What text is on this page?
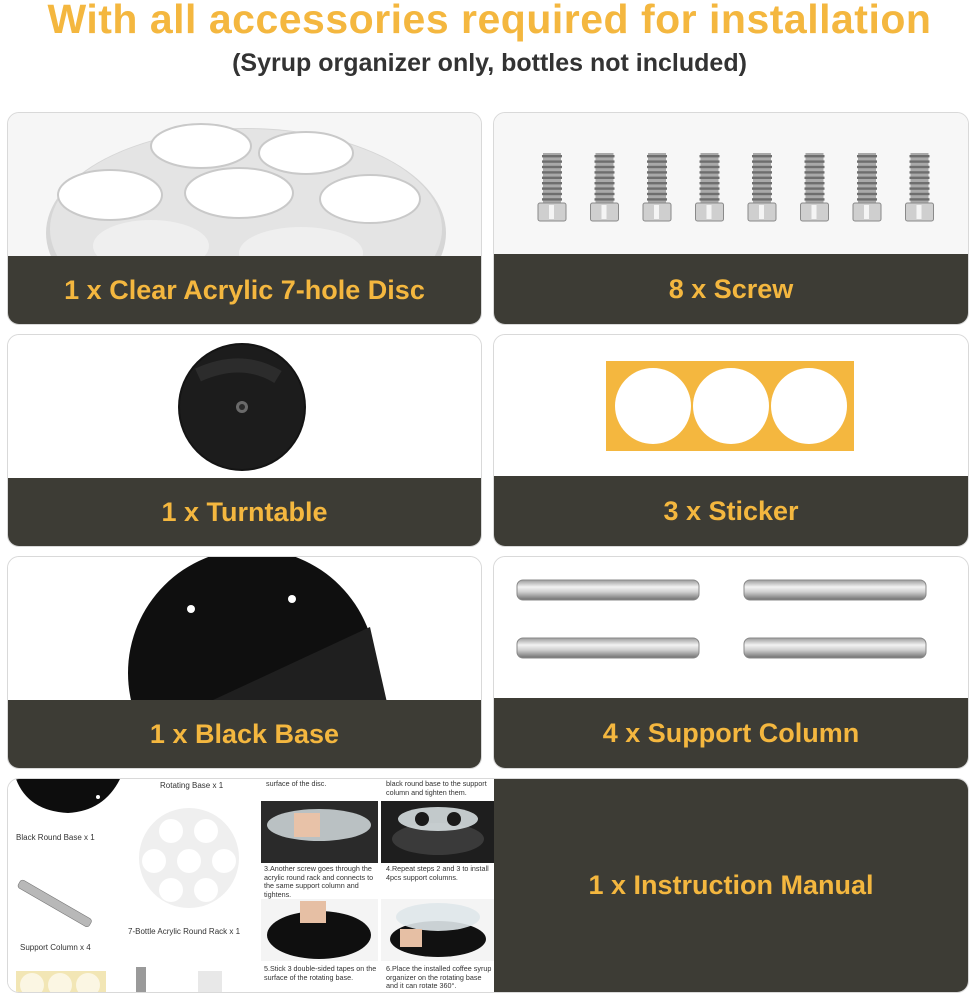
With all accessories required for installation
(Syrup organizer only, bottles not included)
1 x Clear Acrylic 7-hole Disc	8 x Screw
1 x Turntable	3 x Sticker
1 x Black Base	4 x Support Column
Rotating Base x 1
Black Round Base x 1
Support Column x 4
7-Bottle Acrylic Round Rack x 1
surface of the disc.	black round base to the support column and tighten them.
3.Another screw goes through the acrylic round rack and connects to the same support column and tightens.
4.Repeat steps 2 and 3 to install 4pcs support columns.
5.Stick 3 double-sided tapes on the surface of the rotating base.
6.Place the installed coffee syrup organizer on the rotating base and it can rotate 360°.
1 x Instruction Manual
